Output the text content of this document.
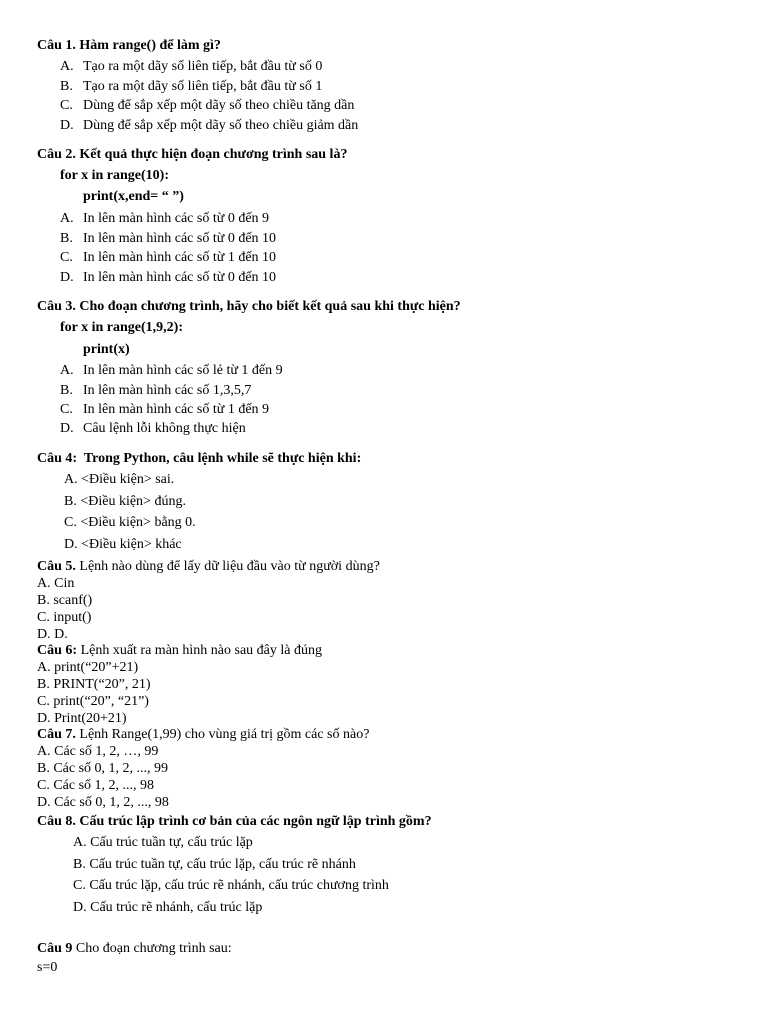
Câu 1. Hàm range() để làm gì?
A. Tạo ra một dãy số liên tiếp, bắt đầu từ số 0
B. Tạo ra một dãy số liên tiếp, bắt đầu từ số 1
C. Dùng để sắp xếp một dãy số theo chiều tăng dần
D. Dùng để sắp xếp một dãy số theo chiều giảm dần
Câu 2. Kết quả thực hiện đoạn chương trình sau là?
for x in range(10):
print(x,end= “ ”)
A. In lên màn hình các số từ 0 đến 9
B. In lên màn hình các số từ 0 đến 10
C. In lên màn hình các số từ 1 đến 10
D. In lên màn hình các số từ 0 đến 10
Câu 3. Cho đoạn chương trình, hãy cho biết kết quả sau khi thực hiện?
for x in range(1,9,2):
print(x)
A. In lên màn hình các số lẻ từ 1 đến 9
B. In lên màn hình các số 1,3,5,7
C. In lên màn hình các số từ 1 đến 9
D. Câu lệnh lỗi không thực hiện
Câu 4:  Trong Python, câu lệnh while sẽ thực hiện khi:
A. <Điều kiện> sai.
B. <Điều kiện> đúng.
C. <Điều kiện> bằng 0.
D. <Điều kiện> khác
Câu 5. Lệnh nào dùng để lấy dữ liệu đầu vào từ người dùng?
A. Cin
B. scanf()
C. input()
D. D.
Câu 6: Lệnh xuất ra màn hình nào sau đây là đúng
A. print(“20”+21)
B. PRINT(“20”, 21)
C. print(“20”, “21”)
D. Print(20+21)
Câu 7. Lệnh Range(1,99) cho vùng giá trị gồm các số nào?
A. Các số 1, 2, …, 99
B. Các số 0, 1, 2, ..., 99
C. Các số 1, 2, ..., 98
D. Các số 0, 1, 2, ..., 98
Câu 8. Cấu trúc lập trình cơ bản của các ngôn ngữ lập trình gồm?
A. Cấu trúc tuần tự, cấu trúc lặp
B. Cấu trúc tuần tự, cấu trúc lặp, cấu trúc rẽ nhánh
C. Cấu trúc lặp, cấu trúc rẽ nhánh, cấu trúc chương trình
D. Cấu trúc rẽ nhánh, cấu trúc lặp
Câu 9 Cho đoạn chương trình sau:
s=0
